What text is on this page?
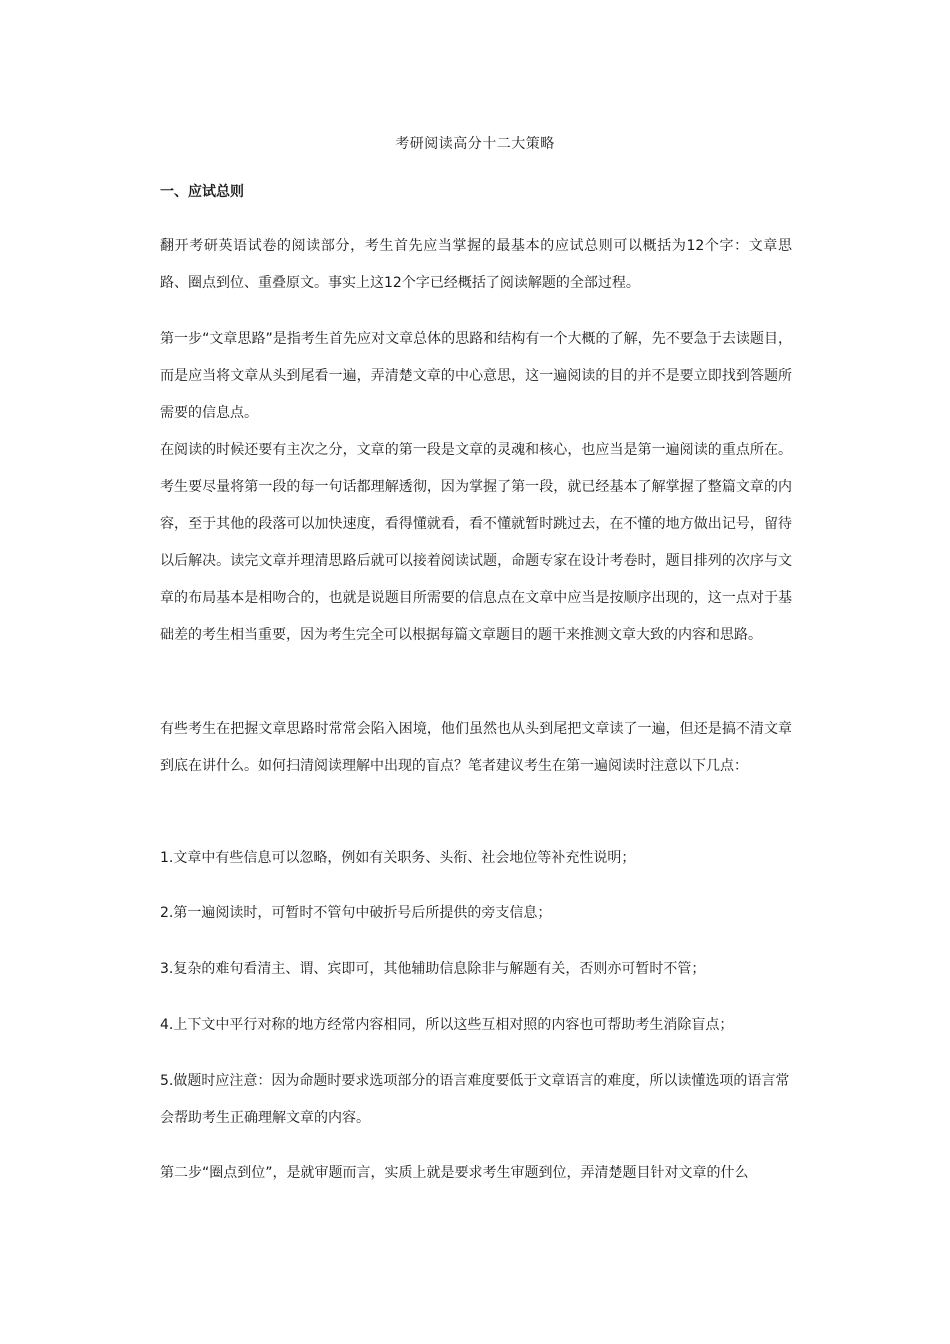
考研阅读高分十二大策略
一、应试总则

翻开考研英语试卷的阅读部分，考生首先应当掌握的最基本的应试总则可以概括为12个字：文章思路、圈点到位、重叠原文。事实上这12个字已经概括了阅读解题的全部过程。

第一步“文章思路”是指考生首先应对文章总体的思路和结构有一个大概的了解，先不要急于去读题目，而是应当将文章从头到尾看一遍，弄清楚文章的中心意思，这一遍阅读的目的并不是要立即找到答题所需要的信息点。

在阅读的时候还要有主次之分，文章的第一段是文章的灵魂和核心，也应当是第一遍阅读的重点所在。考生要尽量将第一段的每一句话都理解透彻，因为掌握了第一段，就已经基本了解掌握了整篇文章的内容，至于其他的段落可以加快速度，看得懂就看，看不懂就暂时跳过去，在不懂的地方做出记号，留待以后解决。读完文章并理清思路后就可以接着阅读试题，命题专家在设计考卷时，题目排列的次序与文章的布局基本是相吻合的，也就是说题目所需要的信息点在文章中应当是按顺序出现的，这一点对于基础差的考生相当重要，因为考生完全可以根据每篇文章题目的题干来推测文章大致的内容和思路。

有些考生在把握文章思路时常常会陷入困境，他们虽然也从头到尾把文章读了一遍，但还是搞不清文章到底在讲什么。如何扫清阅读理解中出现的盲点？笔者建议考生在第一遍阅读时注意以下几点：

1.文章中有些信息可以忽略，例如有关职务、头衔、社会地位等补充性说明；
2.第一遍阅读时，可暂时不管句中破折号后所提供的旁支信息；
3.复杂的难句看清主、谓、宾即可，其他辅助信息除非与解题有关，否则亦可暂时不管；
4.上下文中平行对称的地方经常内容相同，所以这些互相对照的内容也可帮助考生消除盲点；
5.做题时应注意：因为命题时要求选项部分的语言难度要低于文章语言的难度，所以读懂选项的语言常会帮助考生正确理解文章的内容。

第二步“圈点到位”，是就审题而言，实质上就是要求考生审题到位，弄清楚题目针对文章的什么
